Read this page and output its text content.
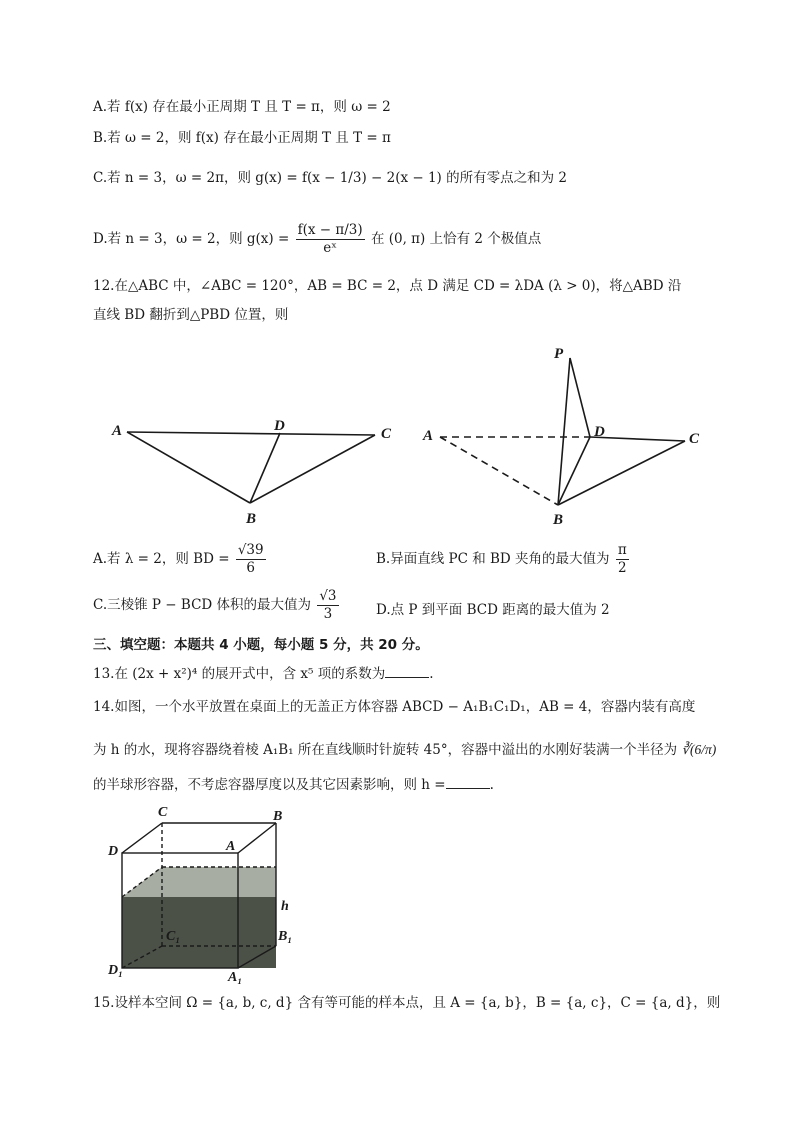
A.若 f(x) 存在最小正周期 T 且 T = π，则 ω = 2
B.若 ω = 2，则 f(x) 存在最小正周期 T 且 T = π
C.若 n = 3，ω = 2π，则 g(x) = f(x − 1/3) − 2(x − 1) 的所有零点之和为 2
D.若 n = 3，ω = 2，则 $g(x) = \frac{f(x - \pi/3)}{\text{eˣ}}$ 在 (0, π) 上恰有 2 个极值点
12.在△ABC 中，∠ABC = 120°，AB = BC = 2，点 D 满足 CD = λDA (λ > 0)，将△ABD 沿
直线 BD 翻折到△PBD 位置，则
A	D	C
B
P
A	D	C
B
A.若 λ = 2，则 BD = $\frac{√39}{6}$	B.异面直线 PC 和 BD 夹角的最大值为 $\frac{\pi}{2}$
C.三棱锥 P − BCD 体积的最大值为 $\frac{√3}{3}$	D.点 P 到平面 BCD 距离的最大值为 2
三、填空题：本题共 4 小题，每小题 5 分，共 20 分。
13.在 (2x + x²)⁴ 的展开式中，含 x⁵ 项的系数为	.
14.如图，一个水平放置在桌面上的无盖正方体容器 ABCD − A₁B₁C₁D₁，AB = 4，容器内装有高度
为 h 的水，现将容器绕着棱 A₁B₁ 所在直线顺时针旋转 45°，容器中溢出的水刚好装满一个半径为 ∛(6/π)
的半球形容器，不考虑容器厚度以及其它因素影响，则 h =	.
C	B
D	A
h
C₁	B₁
D₁	A₁
15.设样本空间 Ω = {a, b, c, d} 含有等可能的样本点，且 A = {a, b}，B = {a, c}，C = {a, d}，则
